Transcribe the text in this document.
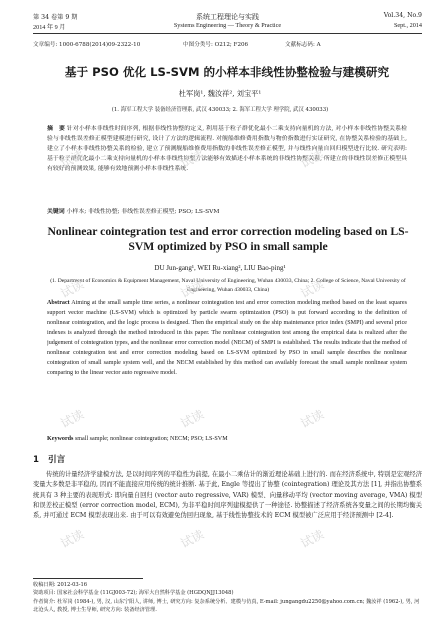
第 34 卷第 9 期	系统工程理论与实践	Vol.34, No.9
2014 年 9 月	Systems Engineering — Theory & Practice	Sept., 2014
文章编号: 1000-6788(2014)09-2322-10	中图分类号: O212; F206	文献标志码: A
基于 PSO 优化 LS-SVM 的小样本非线性协整检验与建模研究
杜军岗¹, 魏汝祥², 刘宝平¹
(1. 海军工程大学 装备经济管理系, 武汉 430033; 2. 海军工程大学 理学院, 武汉 430033)
摘　要 针对小样本非线性时间序列, 根据非线性协整的定义, 利用基于粒子群优化最小二乘支持向量机的方法, 对小样本非线性协整关系检验与非线性误差修正模型建模进行研究, 设计了方法的逻辑流程. 对舰船维修费用指数与物价指数进行实证研究, 在协整关系检验的基础上, 建立了小样本非线性协整关系的检验, 建立了预测舰船维修费用指数的非线性误差修正模型, 并与线性向量自回归模型进行比较. 研究表明: 基于粒子群优化最小二乘支持向量机的小样本非线性协整方法能够有效描述小样本系统的非线性协整关系, 所建立的非线性误差修正模型具有较好的预测效果, 能够有效地预测小样本非线性系统.
关键词 小样本; 非线性协整; 非线性误差修正模型; PSO; LS-SVM
Nonlinear cointegration test and error correction modeling based on LS-SVM optimized by PSO in small sample
DU Jun-gang¹, WEI Ru-xiang², LIU Bao-ping¹
(1. Department of Economics & Equipment Management, Naval University of Engineering, Wuhan 430033, China; 2. College of Science, Naval University of Engineering, Wuhan 430033, China)
Abstract Aiming at the small sample time series, a nonlinear cointegration test and error correction modeling method based on the least squares support vector machine (LS-SVM) which is optimized by particle swarm optimization (PSO) is put forward according to the definition of nonlinear cointegration, and the logic process is designed. Then the empirical study on the ship maintenance price index (SMPI) and several price indexes is analyzed through the method introduced in this paper. The nonlinear cointegration test among the empirical data is realized after the judgement of cointegration types, and the nonlinear error correction model (NECM) of SMPI is established. The results indicate that the method of nonlinear cointegration test and error correction modeling based on LS-SVM optimized by PSO in small sample describes the nonlinear cointegration of small sample system well, and the NECM established by this method can availably forecast the small sample nonlinear system comparing to the linear vector auto regressive model.
Keywords small sample; nonlinear cointegration; NECM; PSO; LS-SVM
1 引言
传统的计量经济学建模方法, 是以时间序列的平稳性为前提, 在最小二乘估计的渐近理论基础上进行的. 而在经济系统中, 特别是宏观经济变量大多数是非平稳的, 因而不能直接应用传统的统计推断. 基于此, Engle 等提出了协整 (cointegration) 理论及其方法 [1], 并指出协整系统具有 3 种主要的表现形式: 即向量自回归 (vector auto regressive, VAR) 模型、向量移动平均 (vector moving average, VMA) 模型和误差校正模型 (error correction model, ECM), 为非平稳时间序列建模提供了一种途径. 协整描述了经济系统各变量之间的长期均衡关系, 并可通过 ECM 模型表现出来. 由于可以有效避免伪回归现象, 基于线性协整技术的 ECM 模型被广泛应用于经济预测中 [2-4].

收稿日期: 2012-03-16

资助项目: 国家社会科学基金 (11GJ003-72); 海军大自然科学基金 (HGDQNJJ13048)

作者简介: 杜军岗 (1984-), 男, 汉, 山东宁阳人, 讲师, 博士, 研究方向: 复杂系统分析、建模与仿真, E-mail: jungangdu2250@yahoo.com.cn; 魏汝祥 (1962-), 男, 河北沧头人, 教授, 博士生导师, 研究方向: 装备经济管理.

试读	试读	试读
试读	试读	试读
试读	试读	试读
试读	试读	试读
